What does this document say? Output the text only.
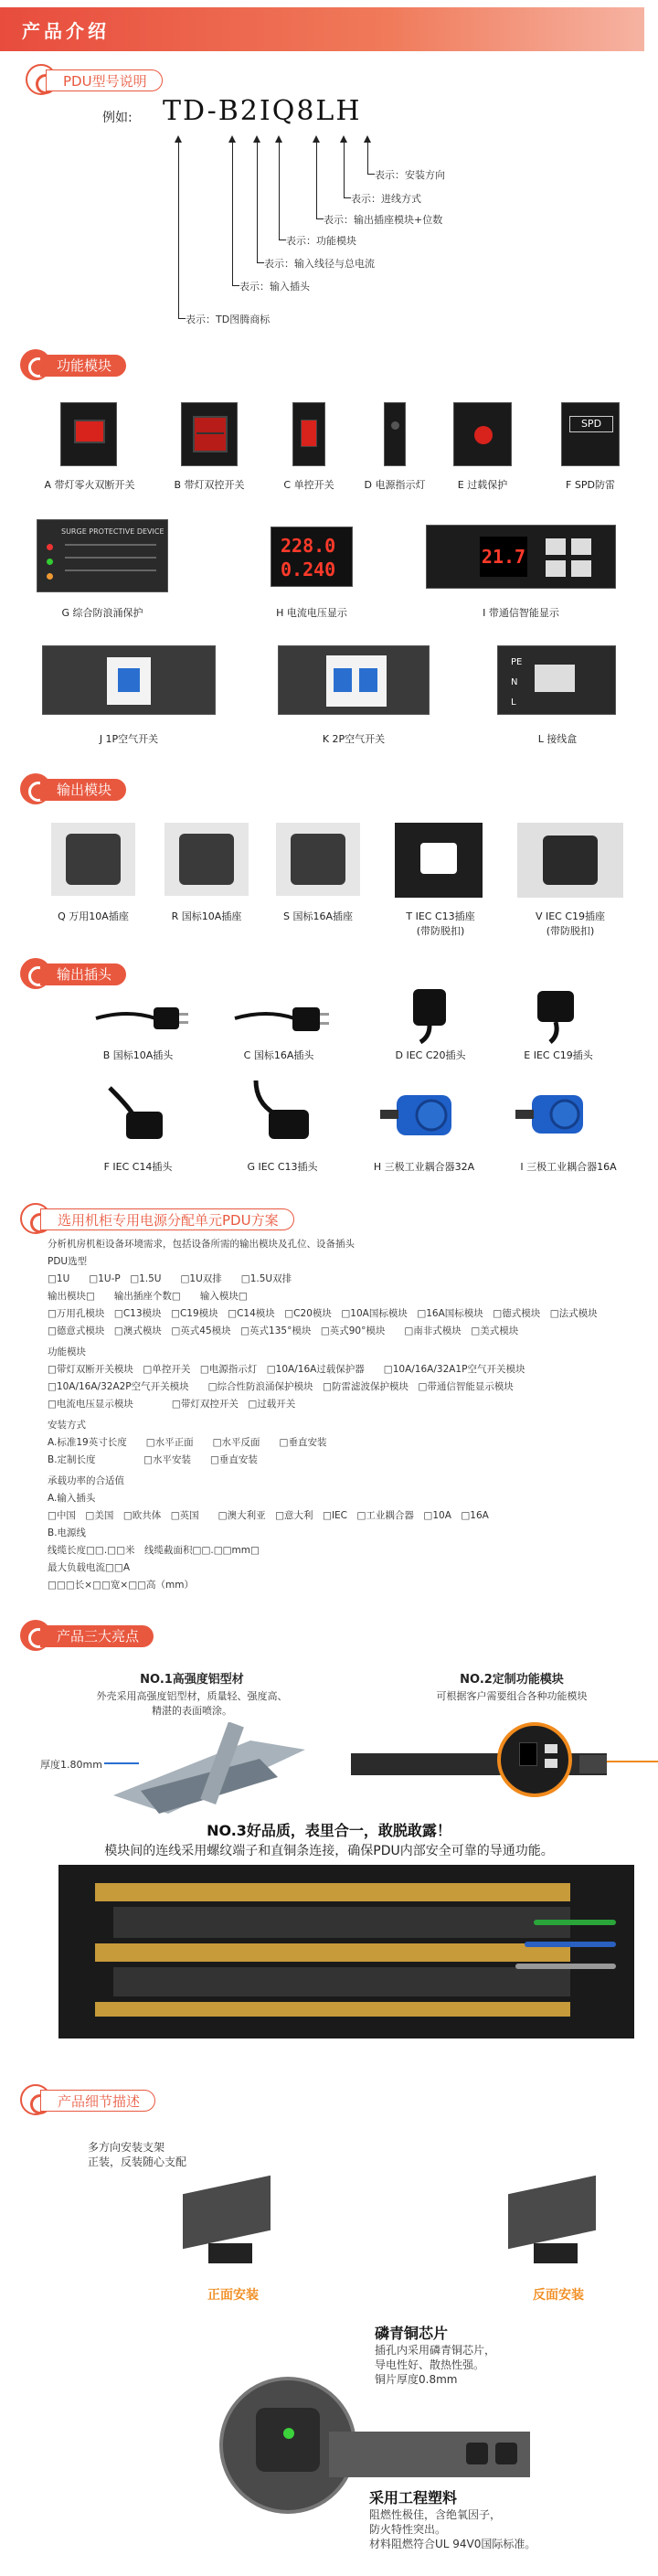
产品介绍
PDU型号说明
例如: TD-B2IQ8LH
表示：安装方向
表示：进线方式
表示：输出插座模块+位数
表示：功能模块
表示：输入线径与总电流
表示：输入插头
表示：TD图腾商标
功能模块
SPD
A 带灯零火双断开关	B 带灯双控开关	C 单控开关	D 电源指示灯	E 过载保护	F SPD防雷
SURGE PROTECTIVE DEVICE
228.0
0.240
21.7
G 综合防浪涌保护	H 电流电压显示	I 带通信智能显示
PE
N
L
J 1P空气开关	K 2P空气开关	L 接线盒
输出模块
Q 万用10A插座	R 国标10A插座	S 国标16A插座	T IEC C13插座	V IEC C19插座
(带防脱扣)	(带防脱扣)
输出插头
B 国标10A插头	C 国标16A插头	D IEC C20插头	E IEC C19插头
F IEC C14插头	G IEC C13插头	H 三极工业耦合器32A	I 三极工业耦合器16A
选用机柜专用电源分配单元PDU方案
分析机房机柜设备环境需求，包括设备所需的输出模块及孔位、设备插头
PDU选型
□1U　　□1U-P　□1.5U　　□1U双排　　□1.5U双排
输出模块□　　输出插座个数□　　输入模块□
□万用孔模块　□C13模块　□C19模块　□C14模块　□C20模块　□10A国标模块　□16A国标模块　□德式模块　□法式模块
□德意式模块　□澳式模块　□英式45模块　□英式135°模块　□英式90°模块　　□南非式模块　□美式模块
功能模块
□带灯双断开关模块　□单控开关　□电源指示灯　□10A/16A过载保护器　　□10A/16A/32A1P空气开关模块
□10A/16A/32A2P空气开关模块　　□综合性防浪涌保护模块　□防雷滤波保护模块　□带通信智能显示模块
□电流电压显示模块　　　　□带灯双控开关　□过载开关
安装方式
A.标准19英寸长度　　□水平正面　　□水平反面　　□垂直安装
B.定制长度　　　　　□水平安装　　□垂直安装
承载功率的合适值
A.输入插头
□中国　□美国　□欧共体　□英国　　□澳大利亚　□意大利　□IEC　□工业耦合器　□10A　□16A
B.电源线
线缆长度□□.□□米　线缆截面积□□.□□mm□
最大负载电流□□A
□□□长×□□宽×□□高（mm）
产品三大亮点
NO.1高强度铝型材
外壳采用高强度铝型材，质量轻、强度高、
精湛的表面喷涂。
厚度1.80mm
NO.2定制功能模块
可根据客户需要组合各种功能模块
NO.3好品质，表里合一，敢脱敢露！
模块间的连线采用螺纹端子和直铜条连接，确保PDU内部安全可靠的导通功能。
产品细节描述
多方向安装支架
正装，反装随心支配
正面安装	反面安装
磷青铜芯片
插孔内采用磷青铜芯片，
导电性好、散热性强。
铜片厚度0.8mm
采用工程塑料
阻燃性极佳，含绝氧因子，
防火特性突出。
材料阻燃符合UL 94V0国际标准。
